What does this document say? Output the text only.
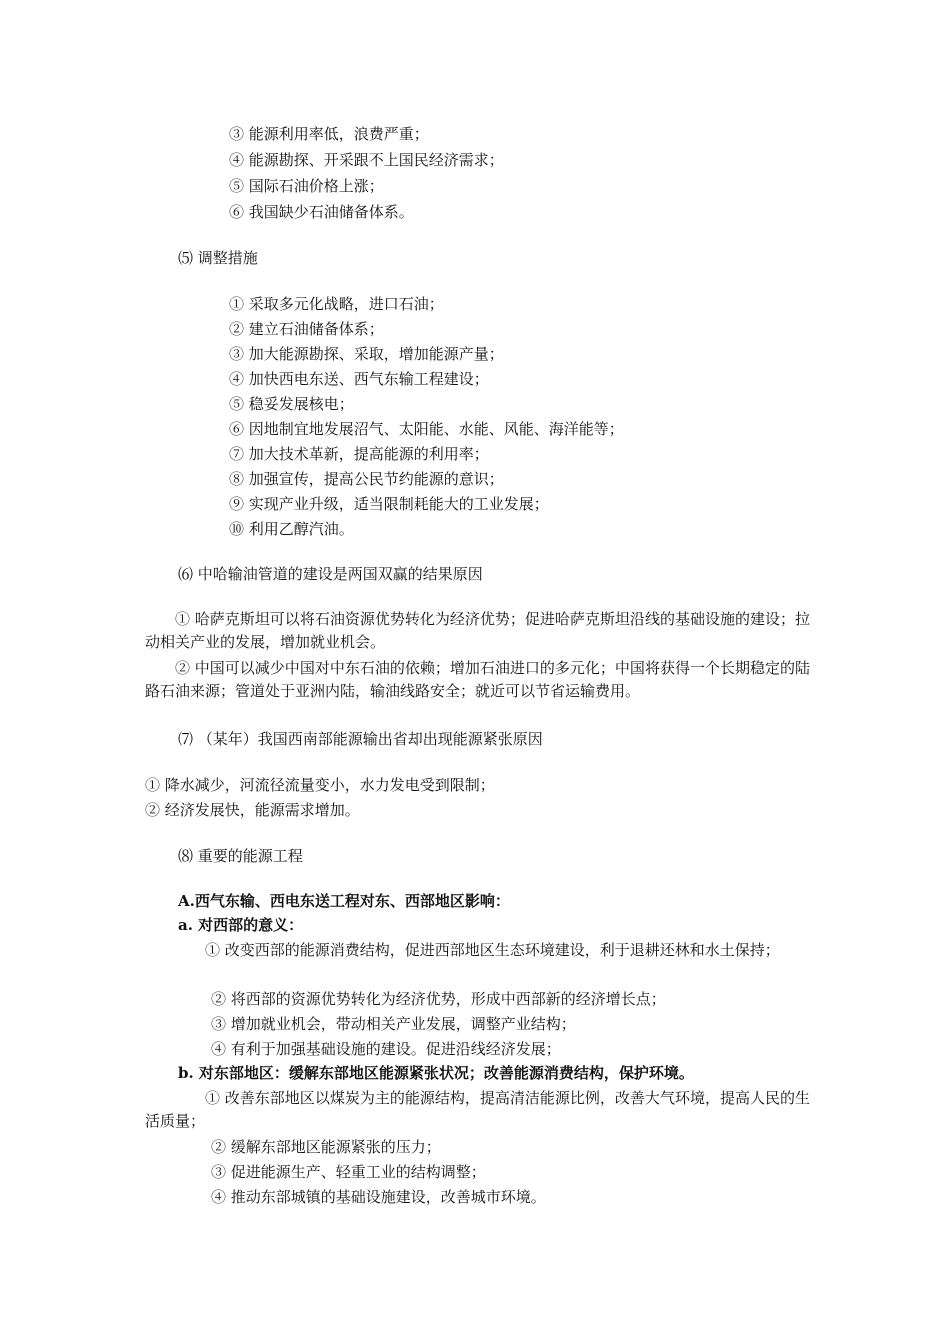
③ 能源利用率低，浪费严重；
④ 能源勘探、开采跟不上国民经济需求；
⑤ 国际石油价格上涨；
⑥ 我国缺少石油储备体系。
⑸ 调整措施
① 采取多元化战略，进口石油；
② 建立石油储备体系；
③ 加大能源勘探、采取，增加能源产量；
④ 加快西电东送、西气东输工程建设；
⑤ 稳妥发展核电；
⑥ 因地制宜地发展沼气、太阳能、水能、风能、海洋能等；
⑦ 加大技术革新，提高能源的利用率；
⑧ 加强宣传，提高公民节约能源的意识；
⑨ 实现产业升级，适当限制耗能大的工业发展；
⑩ 利用乙醇汽油。
⑹ 中哈输油管道的建设是两国双赢的结果原因
① 哈萨克斯坦可以将石油资源优势转化为经济优势；促进哈萨克斯坦沿线的基础设施的建设；拉动相关产业的发展，增加就业机会。
② 中国可以减少中国对中东石油的依赖；增加石油进口的多元化；中国将获得一个长期稳定的陆路石油来源；管道处于亚洲内陆，输油线路安全；就近可以节省运输费用。
⑺ （某年）我国西南部能源输出省却出现能源紧张原因
① 降水减少，河流径流量变小，水力发电受到限制；
② 经济发展快，能源需求增加。
⑻ 重要的能源工程
A.西气东输、西电东送工程对东、西部地区影响：
a. 对西部的意义：
① 改变西部的能源消费结构，促进西部地区生态环境建设，利于退耕还林和水土保持；
② 将西部的资源优势转化为经济优势，形成中西部新的经济增长点；
③ 增加就业机会，带动相关产业发展，调整产业结构；
④ 有利于加强基础设施的建设。促进沿线经济发展；
b. 对东部地区：缓解东部地区能源紧张状况；改善能源消费结构，保护环境。
① 改善东部地区以煤炭为主的能源结构，提高清洁能源比例，改善大气环境，提高人民的生活质量；
② 缓解东部地区能源紧张的压力；
③ 促进能源生产、轻重工业的结构调整；
④ 推动东部城镇的基础设施建设，改善城市环境。
